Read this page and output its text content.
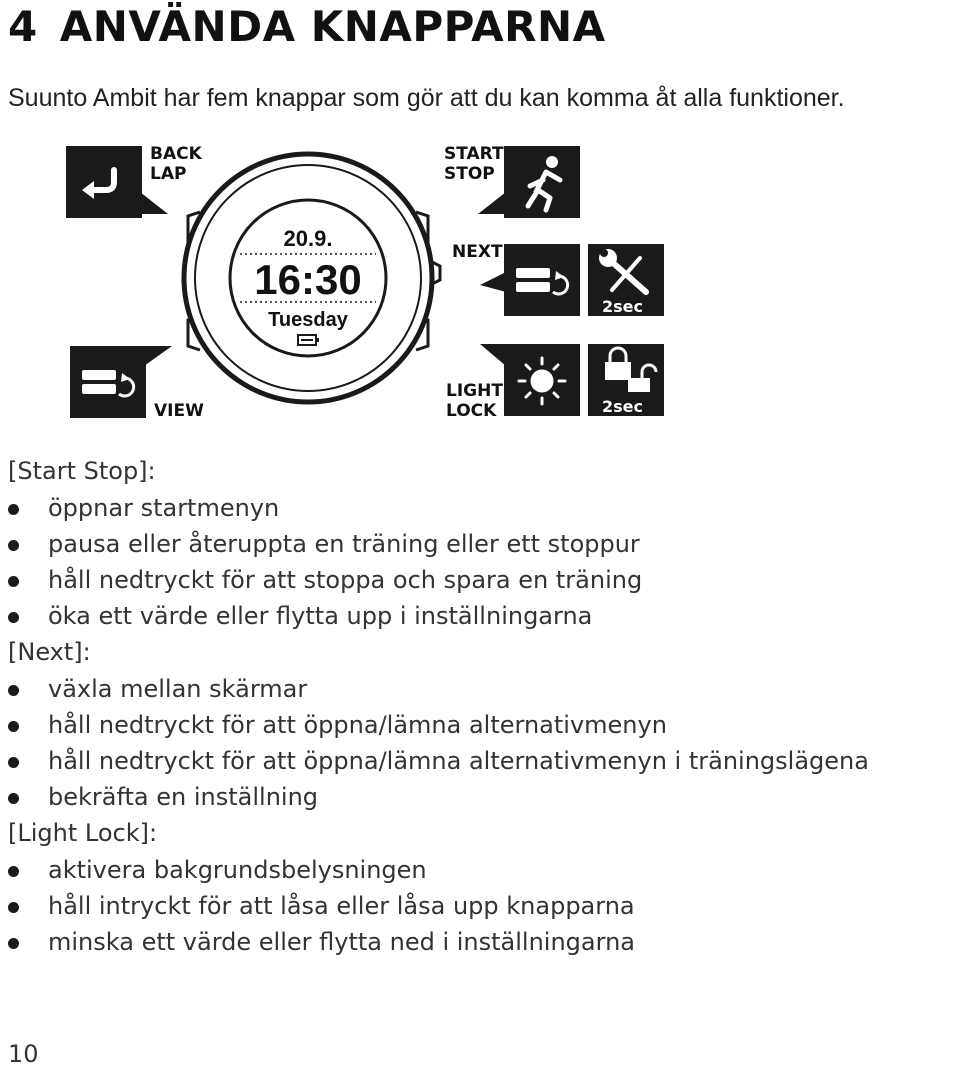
4 ANVÄNDA KNAPPARNA

Suunto Ambit har fem knappar som gör att du kan komma åt alla funktioner.

BACK
LAP
START
STOP
NEXT
2sec
VIEW
LIGHT
LOCK	2sec
20.9.
16:30
Tuesday
[Start Stop]:
öppnar startmenyn
pausa eller återuppta en träning eller ett stoppur
håll nedtryckt för att stoppa och spara en träning
öka ett värde eller flytta upp i inställningarna
[Next]:
växla mellan skärmar
håll nedtryckt för att öppna/lämna alternativmenyn
håll nedtryckt för att öppna/lämna alternativmenyn i träningslägena
bekräfta en inställning
[Light Lock]:
aktivera bakgrundsbelysningen
håll intryckt för att låsa eller låsa upp knapparna
minska ett värde eller flytta ned i inställningarna
10
